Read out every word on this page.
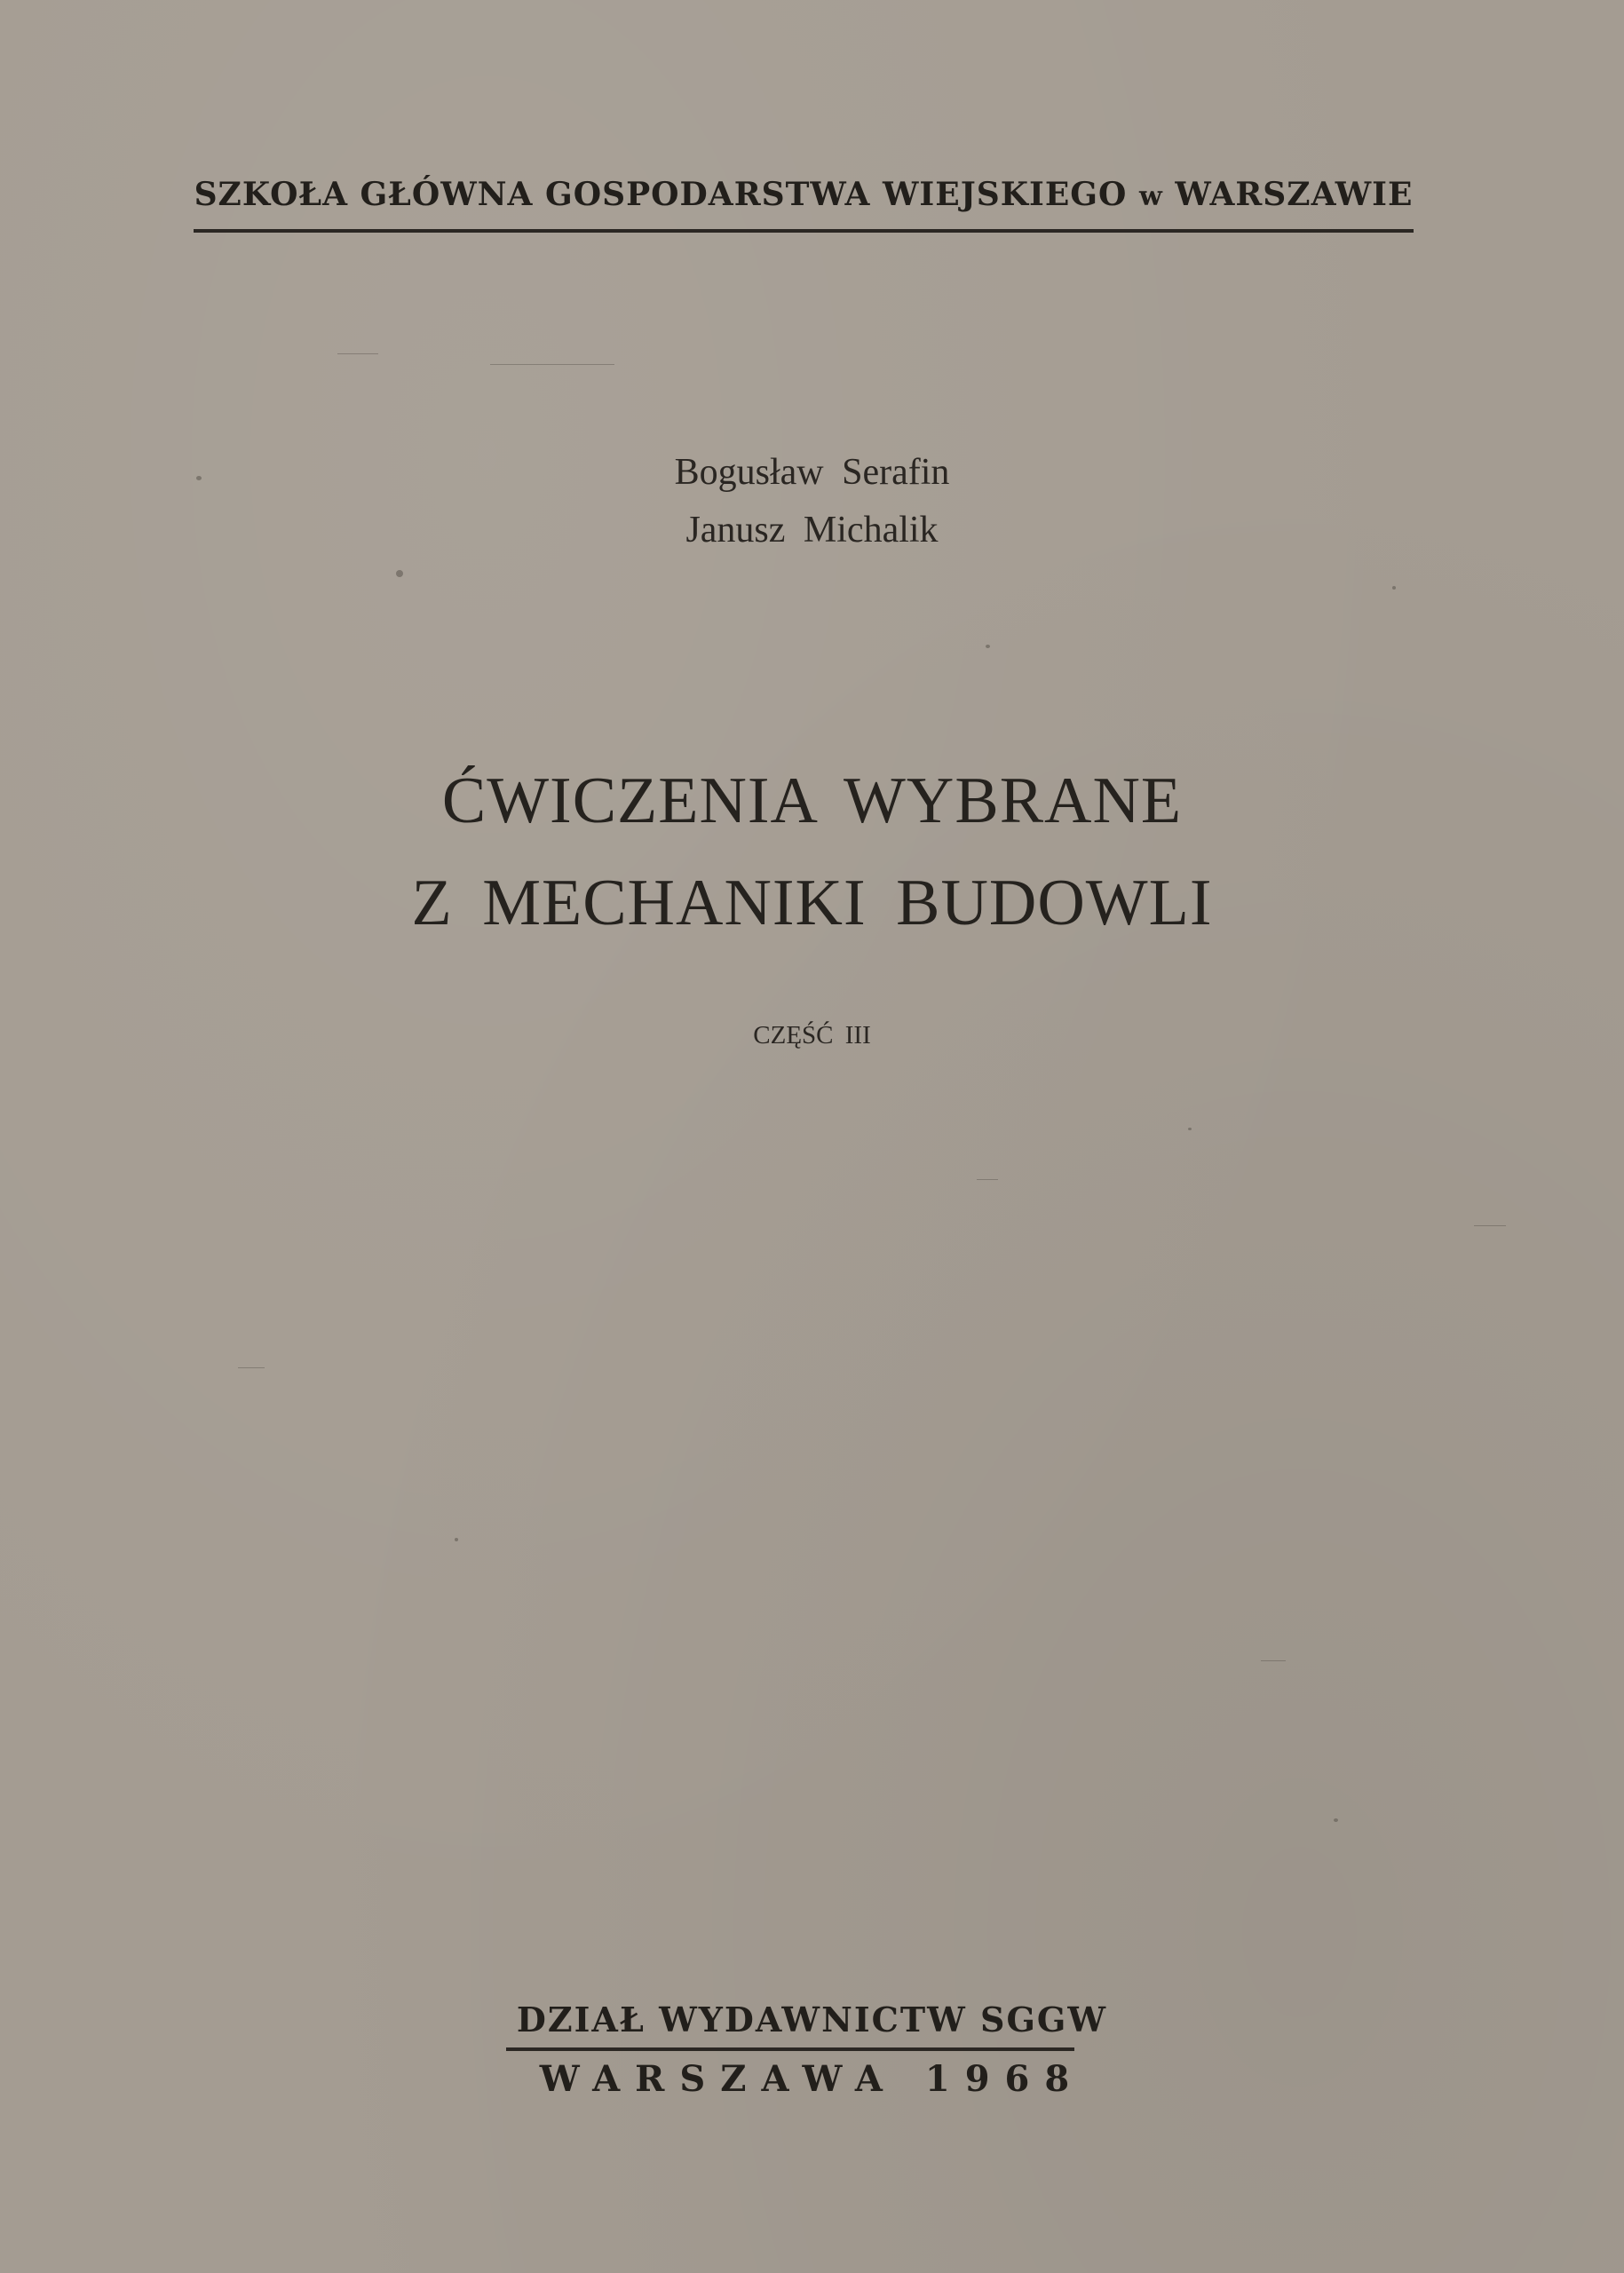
SZKOŁA GŁÓWNA GOSPODARSTWA WIEJSKIEGO w WARSZAWIE
Bogusław Serafin
Janusz Michalik
ĆWICZENIA WYBRANE
Z MECHANIKI BUDOWLI
CZĘŚĆ III
DZIAŁ WYDAWNICTW SGGW
WARSZAWA 1968
